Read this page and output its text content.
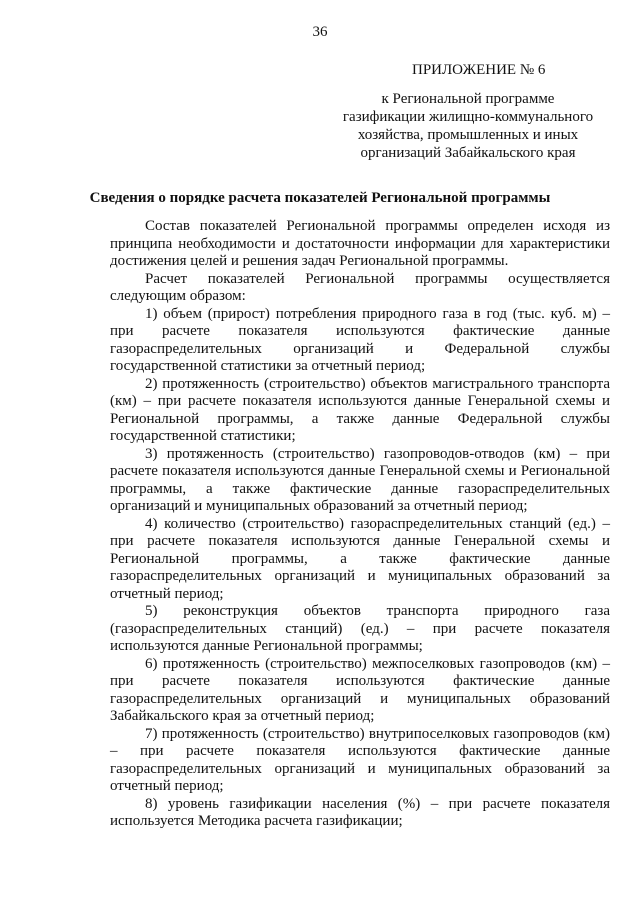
36
ПРИЛОЖЕНИЕ № 6
к Региональной программе
газификации жилищно-коммунального
хозяйства, промышленных и иных
организаций Забайкальского края
Сведения о порядке расчета показателей Региональной программы

Состав показателей Региональной программы определен исходя из принципа необходимости и достаточности информации для характеристики достижения целей и решения задач Региональной программы.

Расчет показателей Региональной программы осуществляется следующим образом:

1) объем (прирост) потребления природного газа в год (тыс. куб. м) – при расчете показателя используются фактические данные газораспределительных организаций и Федеральной службы государственной статистики за отчетный период;

2) протяженность (строительство) объектов магистрального транспорта (км) – при расчете показателя используются данные Генеральной схемы и Региональной программы, а также данные Федеральной службы государственной статистики;

3) протяженность (строительство) газопроводов-отводов (км) – при расчете показателя используются данные Генеральной схемы и Региональной программы, а также фактические данные газораспределительных организаций и муниципальных образований за отчетный период;

4) количество (строительство) газораспределительных станций (ед.) – при расчете показателя используются данные Генеральной схемы и Региональной программы, а также фактические данные газораспределительных организаций и муниципальных образований за отчетный период;

5) реконструкция объектов транспорта природного газа (газораспределительных станций) (ед.) – при расчете показателя используются данные Региональной программы;

6) протяженность (строительство) межпоселковых газопроводов (км) – при расчете показателя используются фактические данные газораспределительных организаций и муниципальных образований Забайкальского края за отчетный период;

7) протяженность (строительство) внутрипоселковых газопроводов (км) – при расчете показателя используются фактические данные газораспределительных организаций и муниципальных образований за отчетный период;

8) уровень газификации населения (%) – при расчете показателя используется Методика расчета газификации;
